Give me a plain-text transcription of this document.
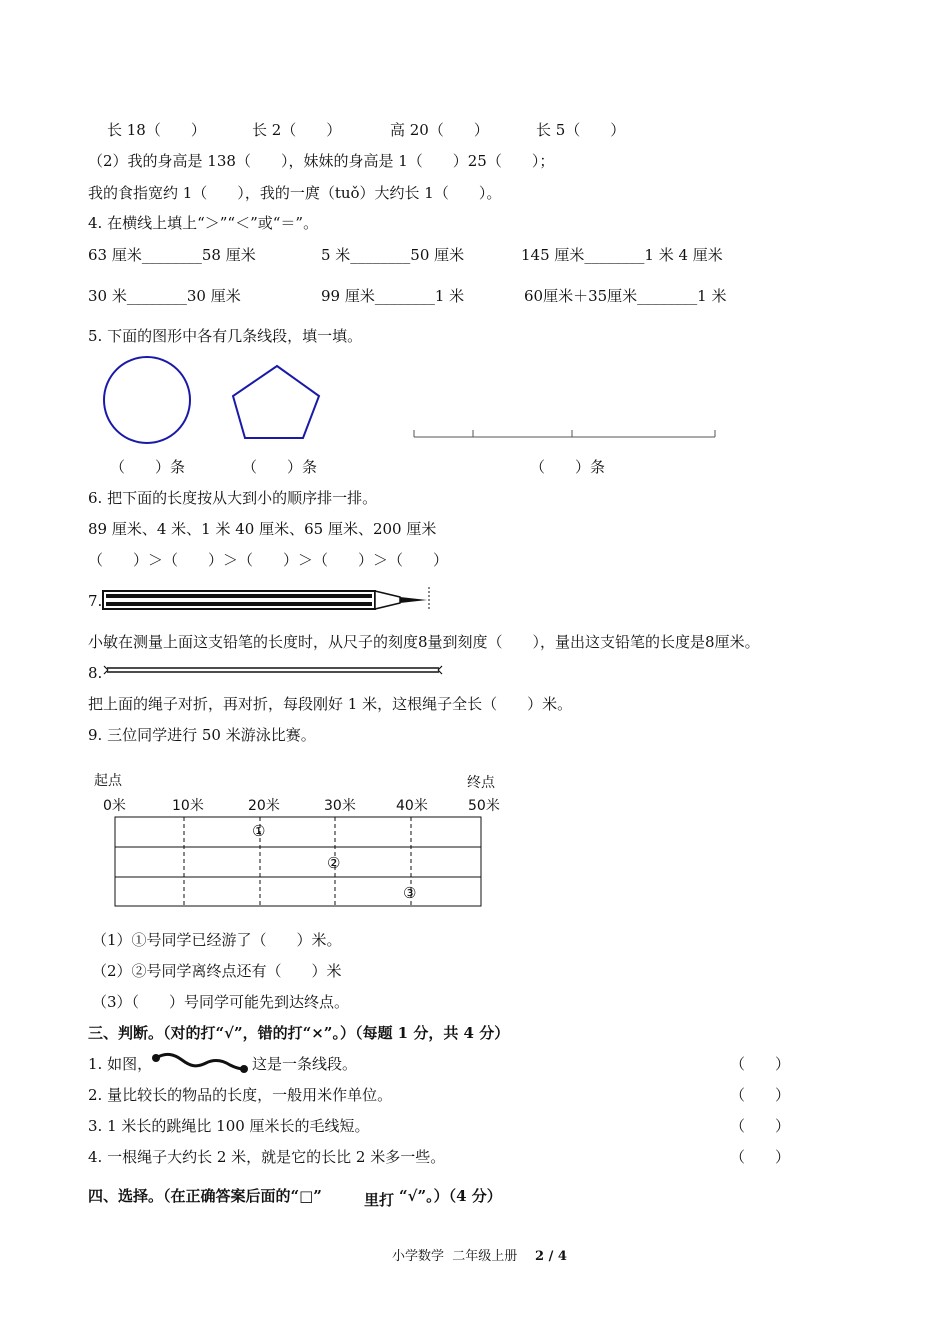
长 18（　　）	长 2（　　）	高 20（　　）	长 5（　　）
（2）我的身高是 138（　　），妹妹的身高是 1（　　）25（　　）；
我的食指宽约 1（　　），我的一庹（tuǒ）大约长 1（　　）。
4. 在横线上填上“＞”“＜”或“＝”。
63 厘米________58 厘米	5 米________50 厘米	145 厘米________1 米 4 厘米
30 米________30 厘米	99 厘米________1 米	60厘米＋35厘米________1 米
5. 下面的图形中各有几条线段，填一填。
（　　）条	（　　）条	（　　）条
6. 把下面的长度按从大到小的顺序排一排。
89 厘米、4 米、1 米 40 厘米、65 厘米、200 厘米
（　　）＞（　　）＞（　　）＞（　　）＞（　　）
7.
小敏在测量上面这支铅笔的长度时，从尺子的刻度8量到刻度（　　），量出这支铅笔的长度是8厘米。
8.
把上面的绳子对折，再对折，每段刚好 1 米，这根绳子全长（　　）米。
9. 三位同学进行 50 米游泳比赛。
起点	终点
0米	10米	20米	30米	40米	50米
①
②
③
（1）①号同学已经游了（　　）米。
（2）②号同学离终点还有（　　）米
（3）（　　）号同学可能先到达终点。
三、判断。（对的打“√”，错的打“×”。）（每题 1 分，共 4 分）
1. 如图，	这是一条线段。	（　　）
2. 量比较长的物品的长度，一般用米作单位。	（　　）
3. 1 米长的跳绳比 100 厘米长的毛线短。	（　　）
4. 一根绳子大约长 2 米，就是它的长比 2 米多一些。	（　　）
四、选择。（在正确答案后面的“□”	里打 “√”。）（4 分）
小学数学  二年级上册 2 / 4
